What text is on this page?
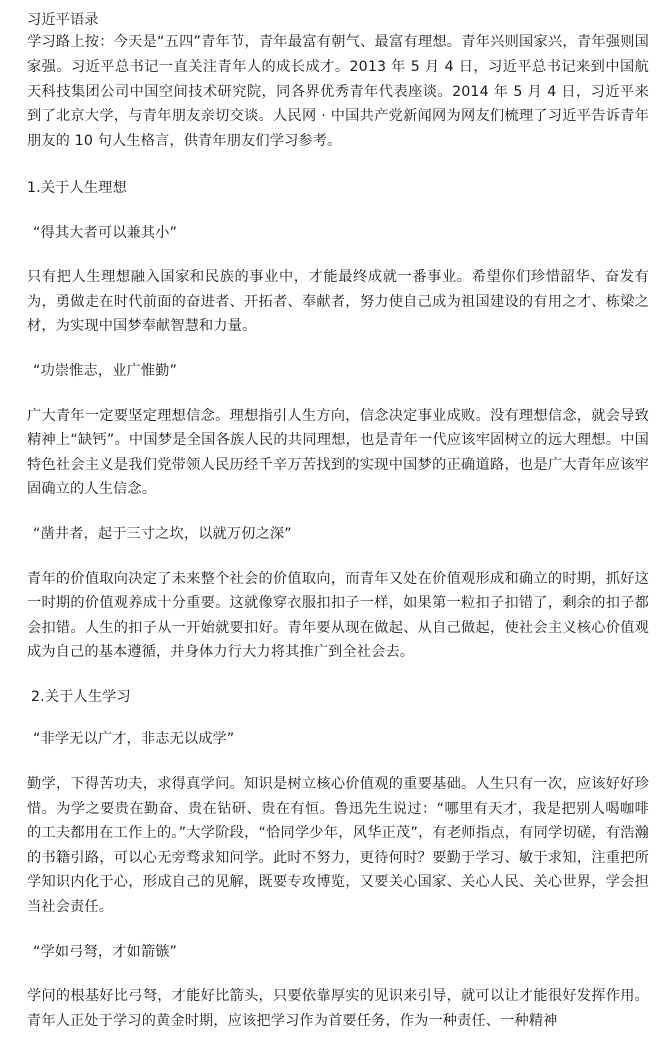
习近平语录

学习路上按：今天是“五四”青年节，青年最富有朝气、最富有理想。青年兴则国家兴，青年强则国家强。习近平总书记一直关注青年人的成长成才。2013 年 5 月 4 日，习近平总书记来到中国航天科技集团公司中国空间技术研究院，同各界优秀青年代表座谈。2014 年 5 月 4 日，习近平来到了北京大学，与青年朋友亲切交谈。人民网 · 中国共产党新闻网为网友们梳理了习近平告诉青年朋友的 10 句人生格言，供青年朋友们学习参考。

1.关于人生理想

“得其大者可以兼其小”

只有把人生理想融入国家和民族的事业中，才能最终成就一番事业。希望你们珍惜韶华、奋发有为，勇做走在时代前面的奋进者、开拓者、奉献者，努力使自己成为祖国建设的有用之才、栋梁之材，为实现中国梦奉献智慧和力量。

“功崇惟志，业广惟勤”

广大青年一定要坚定理想信念。理想指引人生方向，信念决定事业成败。没有理想信念，就会导致精神上“缺钙”。中国梦是全国各族人民的共同理想，也是青年一代应该牢固树立的远大理想。中国特色社会主义是我们党带领人民历经千辛万苦找到的实现中国梦的正确道路，也是广大青年应该牢固确立的人生信念。

“凿井者，起于三寸之坎，以就万仞之深”

青年的价值取向决定了未来整个社会的价值取向，而青年又处在价值观形成和确立的时期，抓好这一时期的价值观养成十分重要。这就像穿衣服扣扣子一样，如果第一粒扣子扣错了，剩余的扣子都会扣错。人生的扣子从一开始就要扣好。青年要从现在做起、从自己做起，使社会主义核心价值观成为自己的基本遵循，并身体力行大力将其推广到全社会去。

2.关于人生学习

“非学无以广才，非志无以成学”

勤学，下得苦功夫，求得真学问。知识是树立核心价值观的重要基础。人生只有一次，应该好好珍惜。为学之要贵在勤奋、贵在钻研、贵在有恒。鲁迅先生说过：“哪里有天才，我是把别人喝咖啡的工夫都用在工作上的。”大学阶段，“恰同学少年，风华正茂”，有老师指点，有同学切磋，有浩瀚的书籍引路，可以心无旁骛求知问学。此时不努力，更待何时？要勤于学习、敏于求知，注重把所学知识内化于心，形成自己的见解，既要专攻博览，又要关心国家、关心人民、关心世界，学会担当社会责任。

“学如弓弩，才如箭镞”

学问的根基好比弓弩，才能好比箭头，只要依靠厚实的见识来引导，就可以让才能很好发挥作用。青年人正处于学习的黄金时期，应该把学习作为首要任务，作为一种责任、一种精神
